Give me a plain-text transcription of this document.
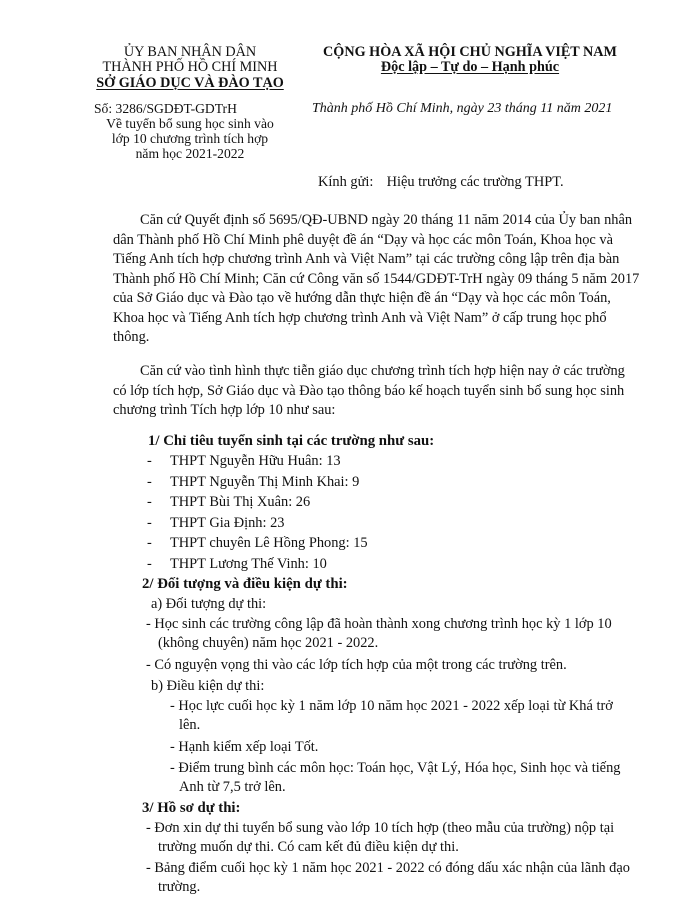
ỦY BAN NHÂN DÂN
THÀNH PHỐ HỒ CHÍ MINH
SỞ GIÁO DỤC VÀ ĐÀO TẠO
Số: 3286/SGDĐT-GDTrH
Về tuyển bổ sung học sinh vào
lớp 10 chương trình tích hợp
năm học 2021-2022
CỘNG HÒA XÃ HỘI CHỦ NGHĨA VIỆT NAM
Độc lập – Tự do – Hạnh phúc
Thành phố Hồ Chí Minh, ngày 23 tháng 11 năm 2021
Kính gửi: Hiệu trưởng các trường THPT.
Căn cứ Quyết định số 5695/QĐ-UBND ngày 20 tháng 11 năm 2014 của Ủy ban nhân
dân Thành phố Hồ Chí Minh phê duyệt đề án “Dạy và học các môn Toán, Khoa học và
Tiếng Anh tích hợp chương trình Anh và Việt Nam” tại các trường công lập trên địa bàn
Thành phố Hồ Chí Minh; Căn cứ Công văn số 1544/GDĐT-TrH ngày 09 tháng 5 năm 2017
của Sở Giáo dục và Đào tạo về hướng dẫn thực hiện đề án “Dạy và học các môn Toán,
Khoa học và Tiếng Anh tích hợp chương trình Anh và Việt Nam” ở cấp trung học phổ
thông.
Căn cứ vào tình hình thực tiễn giáo dục chương trình tích hợp hiện nay ở các trường
có lớp tích hợp, Sở Giáo dục và Đào tạo thông báo kế hoạch tuyển sinh bổ sung học sinh
chương trình Tích hợp lớp 10 như sau:
1/ Chỉ tiêu tuyển sinh tại các trường như sau:
- THPT Nguyễn Hữu Huân: 13
- THPT Nguyễn Thị Minh Khai: 9
- THPT Bùi Thị Xuân: 26
- THPT Gia Định: 23
- THPT chuyên Lê Hồng Phong: 15
- THPT Lương Thế Vinh: 10
2/ Đối tượng và điều kiện dự thi:
a) Đối tượng dự thi:
- Học sinh các trường công lập đã hoàn thành xong chương trình học kỳ 1 lớp 10
(không chuyên) năm học 2021 - 2022.
- Có nguyện vọng thi vào các lớp tích hợp của một trong các trường trên.
b) Điều kiện dự thi:
- Học lực cuối học kỳ 1 năm lớp 10 năm học 2021 - 2022 xếp loại từ Khá trở
lên.
- Hạnh kiểm xếp loại Tốt.
- Điểm trung bình các môn học: Toán học, Vật Lý, Hóa học, Sinh học và tiếng
Anh từ 7,5 trở lên.
3/ Hồ sơ dự thi:
- Đơn xin dự thi tuyển bổ sung vào lớp 10 tích hợp (theo mẫu của trường) nộp tại
trường muốn dự thi. Có cam kết đủ điều kiện dự thi.
- Bảng điểm cuối học kỳ 1 năm học 2021 - 2022 có đóng dấu xác nhận của lãnh đạo
trường.
